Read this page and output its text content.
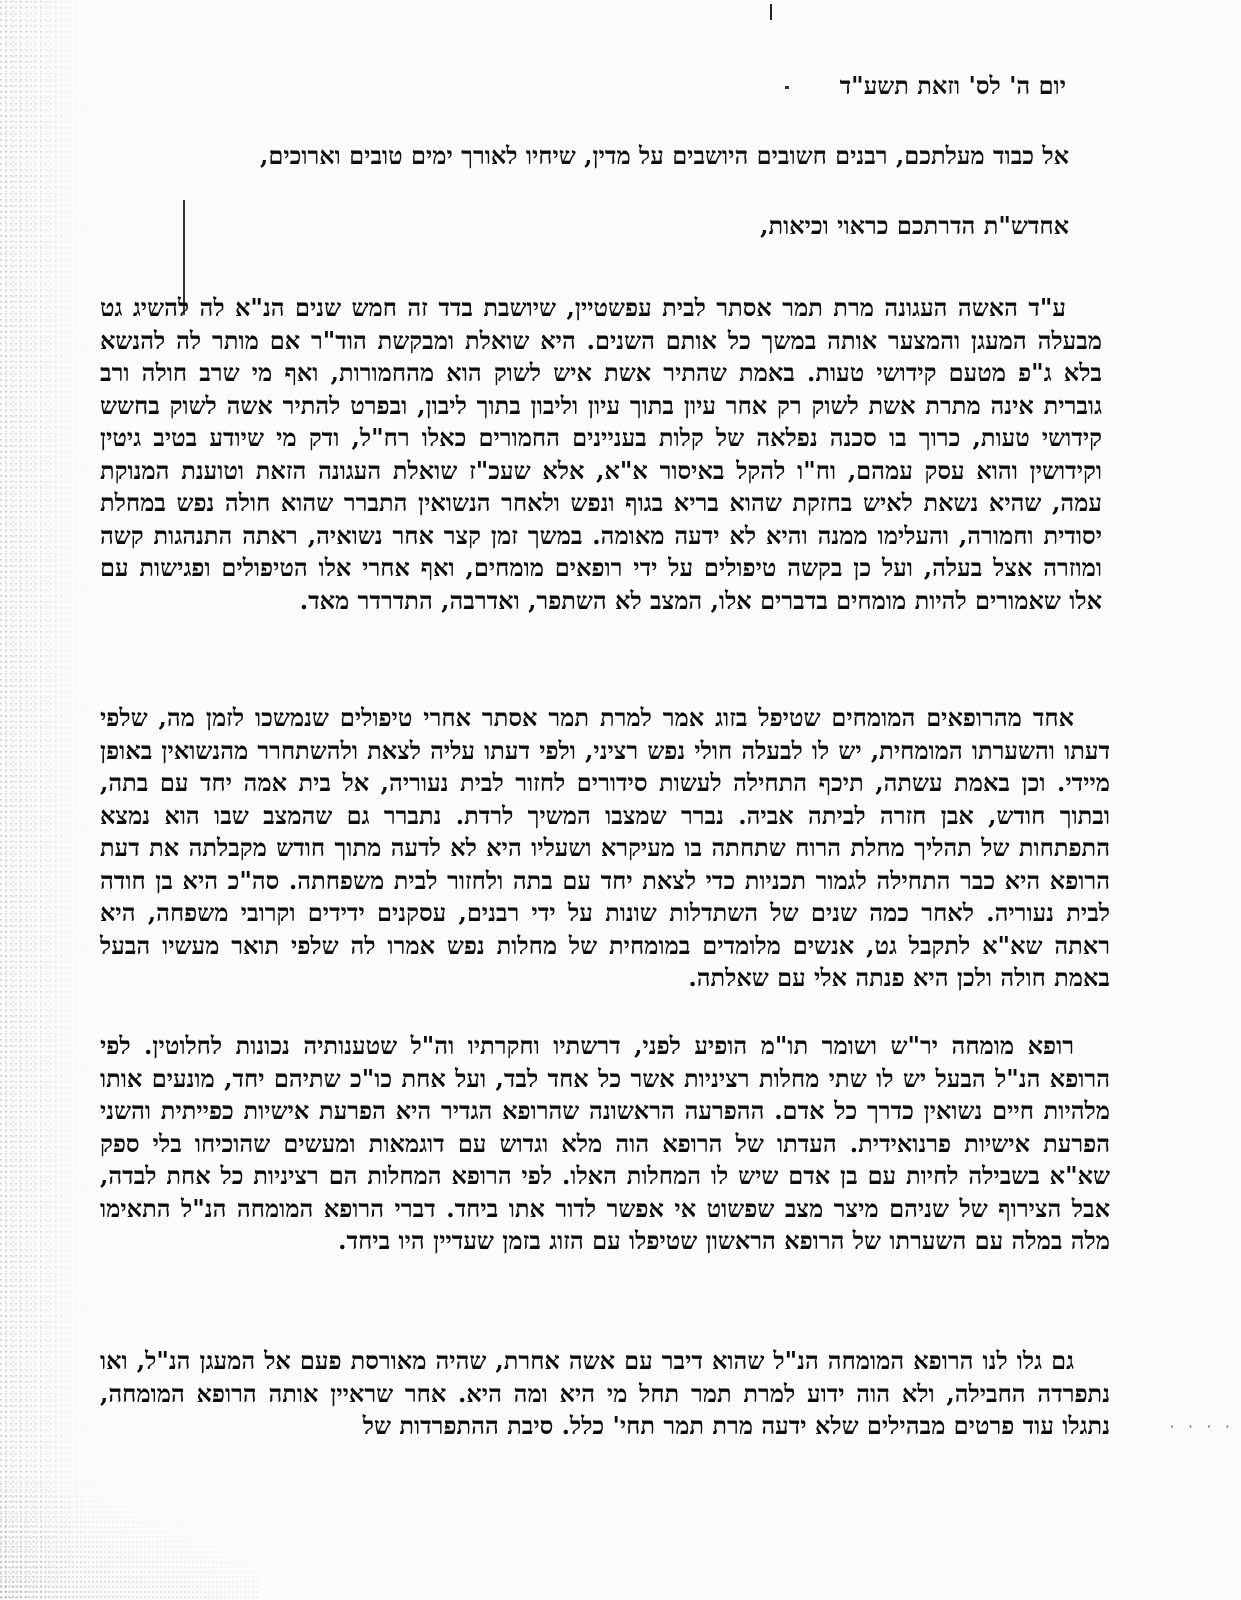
· · · ·
יום ה' לס' וזאת תשע"ד
אל כבוד מעלתכם, רבנים חשובים היושבים על מדין, שיחיו לאורך ימים טובים וארוכים,
אחדש"ת הדרתכם כראוי וכיאות,

ע"ד האשה העגונה מרת תמר אסתר לבית עפשטיין, שיושבת בדד זה חמש שנים הנ"א לה להשיג גט מבעלה המעגן והמצער אותה במשך כל אותם השנים. היא שואלת ומבקשת הוד"ר אם מותר לה להנשא בלא ג"פ מטעם קידושי טעות. באמת שהתיר אשת איש לשוק הוא מהחמורות, ואף מי שרב חולה ורב גוברית אינה מתרת אשת לשוק רק אחר עיון בתוך עיון וליבון בתוך ליבון, ובפרט להתיר אשה לשוק בחשש קידושי טעות, כרוך בו סכנה נפלאה של קלות בעניינים החמורים כאלו רח"ל, ודק מי שיודע בטיב גיטין וקידושין והוא עסק עמהם, וח"ו להקל באיסור א"א, אלא שעכ"ז שואלת העגונה הזאת וטוענת המנוקת עמה, שהיא נשאת לאיש בחזקת שהוא בריא בגוף ונפש ולאחר הנשואין התברר שהוא חולה נפש במחלת יסודית וחמורה, והעלימו ממנה והיא לא ידעה מאומה. במשך זמן קצר אחר נשואיה, ראתה התנהגות קשה ומוזרה אצל בעלה, ועל כן בקשה טיפולים על ידי רופאים מומחים, ואף אחרי אלו הטיפולים ופגישות עם אלו שאמורים להיות מומחים בדברים אלו, המצב לא השתפר, ואדרבה, התדרדר מאד.

אחד מהרופאים המומחים שטיפל בזוג אמר למרת תמר אסתר אחרי טיפולים שנמשכו לזמן מה, שלפי דעתו והשערתו המומחית, יש לו לבעלה חולי נפש רציני, ולפי דעתו עליה לצאת ולהשתחרר מהנשואין באופן מיידי. וכן באמת עשתה, תיכף התחילה לעשות סידורים לחזור לבית נעוריה, אל בית אמה יחד עם בתה, ובתוך חודש, אבן חזרה לביתה אביה. נברר שמצבו המשיך לרדת. נתברר גם שהמצב שבו הוא נמצא התפתחות של תהליך מחלת הרוח שתחתה בו מעיקרא ושעליו היא לא לדעה מתוך חודש מקבלתה את דעת הרופא היא כבר התחילה לגמור תכניות כדי לצאת יחד עם בתה ולחזור לבית משפחתה. סה"כ היא בן חודה לבית נעוריה. לאחר כמה שנים של השתדלות שונות על ידי רבנים, עסקנים ידידים וקרובי משפחה, היא ראתה שא"א לתקבל גט, אנשים מלומדים במומחית של מחלות נפש אמרו לה שלפי תואר מעשיו הבעל באמת חולה ולכן היא פנתה אלי עם שאלתה.

רופא מומחה יר"ש ושומר תו"מ הופיע לפני, דרשתיו וחקרתיו וה"ל שטענותיה נכונות לחלוטין. לפי הרופא הנ"ל הבעל יש לו שתי מחלות רציניות אשר כל אחד לבד, ועל אחת כו"כ שתיהם יחד, מונעים אותו מלהיות חיים נשואין כדרך כל אדם. ההפרעה הראשונה שהרופא הגדיר היא הפרעת אישיות כפייתית והשני הפרעת אישיות פרנואידית. העדתו של הרופא הוה מלא וגדוש עם דוגמאות ומעשים שהוכיחו בלי ספק שא"א בשבילה לחיות עם בן אדם שיש לו המחלות האלו. לפי הרופא המחלות הם רציניות כל אחת לבדה, אבל הצירוף של שניהם מיצר מצב שפשוט אי אפשר לדור אתו ביחד. דברי הרופא המומחה הנ"ל התאימו מלה במלה עם השערתו של הרופא הראשון שטיפלו עם הזוג בזמן שעדיין היו ביחד.

גם גלו לנו הרופא המומחה הנ"ל שהוא דיבר עם אשה אחרת, שהיה מאורסת פעם אל המעגן הנ"ל, ואו נתפרדה החבילה, ולא הוה ידוע למרת תמר תחל מי היא ומה היא. אחר שראיין אותה הרופא המומחה, נתגלו עוד פרטים מבהילים שלא ידעה מרת תמר תחי' כלל. סיבת ההתפרדות של
